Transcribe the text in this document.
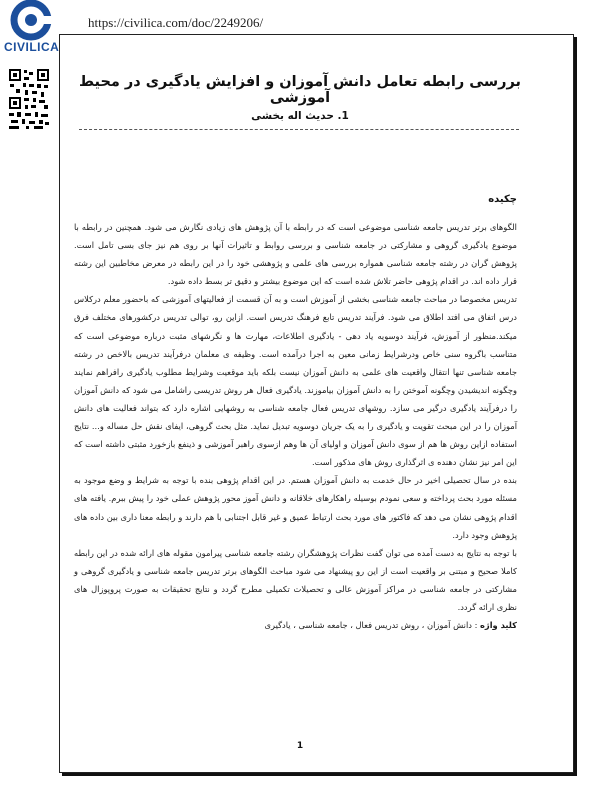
CIVILICA
https://civilica.com/doc/2249206/
بررسی رابطه تعامل دانش آموزان و افزایش یادگیری در محیط آموزشی
1. حدیث اله بخشی
چکیده

الگوهای برتر تدریس جامعه شناسی موضوعی است که در رابطه با آن پژوهش های زیادی نگارش می شود. همچنین در رابطه با موضوع یادگیری گروهی و مشارکتی در جامعه شناسی و بررسی روابط و تاثیرات آنها بر روی هم نیز جای بسی تامل است. پژوهش گران در رشته جامعه شناسی همواره بررسی های علمی و پژوهشی خود را در این رابطه در معرض مخاطبین این رشته قرار داده اند. در اقدام پژوهی حاضر تلاش شده است که این موضوع بیشتر و دقیق تر بسط داده شود.

تدریس مخصوصا در مباحث جامعه شناسی بخشی از آموزش است و به آن قسمت از فعالیتهای آموزشی که باحضور معلم درکلاس درس اتفاق می افتد اطلاق می شود. فرآیند تدریس تابع فرهنگ تدریس است. ازاین رو، توالی تدریس درکشورهای مختلف فرق میکند.منظور از آموزش، فرآیند دوسویه یاد دهی - یادگیری اطلاعات، مهارت ها و نگرشهای مثبت درباره موضوعی است که متناسب باگروه سنی خاص ودرشرایط زمانی معین به اجرا درآمده است. وظیفه ی معلمان درفرآیند تدریس بالاخص در رشته جامعه شناسی تنها انتقال واقعیت های علمی به دانش آموزان نیست بلکه باید موقعیت وشرایط مطلوب یادگیری رافراهم نمایند وچگونه اندیشیدن وچگونه آموختن را به دانش آموزان بیاموزند. یادگیری فعال هر روش تدریسی راشامل می شود که دانش آموزان را درفرآیند یادگیری درگیر می سازد. روشهای تدریس فعال جامعه شناسی به روشهایی اشاره دارد که بتواند فعالیت های دانش آموزان را در این مبحث تقویت و یادگیری را به یک جریان دوسویه تبدیل نماید. مثل بحث گروهی، ایفای نقش حل مساله و... نتایج استفاده ازاین روش ها هم از سوی دانش آموزان و اولیای آن ها وهم ازسوی راهبر آموزشی و ذینفع بازخورد مثبتی داشته است که این امر نیز نشان دهنده ی اثرگذاری روش های مذکور است.

بنده در سال تحصیلی اخیر در حال خدمت به دانش آموزان هستم. در این اقدام پژوهی بنده با توجه به شرایط و وضع موجود به مسئله مورد بحث پرداخته و سعی نمودم بوسیله راهکارهای خلاقانه و دانش آموز محور پژوهش عملی خود را پیش ببرم. یافته های اقدام پژوهی نشان می دهد که فاکتور های مورد بحث ارتباط عمیق و غیر قابل اجتنابی با هم دارند و رابطه معنا داری بین داده های پژوهش وجود دارد.

با توجه به نتایج به دست آمده می توان گفت نظرات پژوهشگران رشته جامعه شناسی پیرامون مقوله های ارائه شده در این رابطه کاملا صحیح و مبتنی بر واقعیت است از این رو پیشنهاد می شود مباحث الگوهای برتر تدریس جامعه شناسی و یادگیری گروهی و مشارکتی در جامعه شناسی در مراکز آموزش عالی و تحصیلات تکمیلی مطرح گردد و نتایج تحقیقات به صورت پروپوزال های نظری ارائه گردد.

کلید واژه : دانش آموزان ، روش تدریس فعال ، جامعه شناسی ، یادگیری

1
